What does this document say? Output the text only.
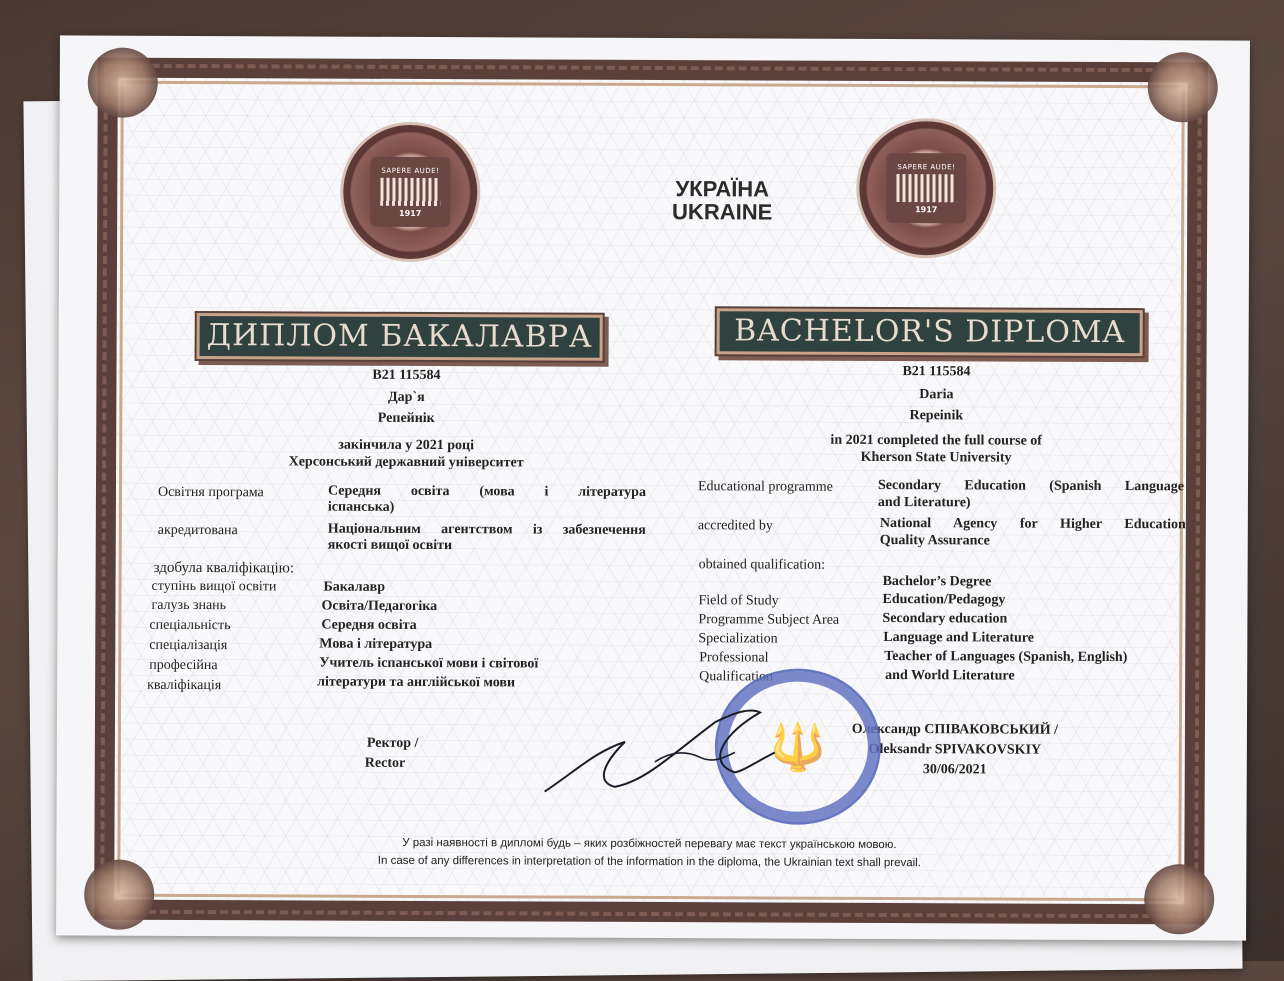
SAPERE AUDE!
1917
SAPERE AUDE!
1917
УКРАЇНА
UKRAINE
ДИПЛОМ БАКАЛАВРА	BACHELOR'S DIPLOMA
B21 115584
Дар`я
Репейнік
закінчила у 2021 році
Херсонський державний університет
Освітня програма	Середня освіта (мова і література
іспанська)
акредитована	Національним агентством із забезпечення
якості вищої освіти
здобула кваліфікацію:
ступінь вищої освіти	Бакалавр
галузь знань	Освіта/Педагогіка
спеціальність	Середня освіта
спеціалізація	Мова і література
професійна	Учитель іспанської мови і світової
кваліфікація	літератури та англійської мови
Ректор /
Rector
B21 115584
Daria
Repeinik
in 2021 completed the full course of
Kherson State University
Educational programme	Secondary Education (Spanish Language
and Literature)
accredited by	National Agency for Higher Education
Quality Assurance
obtained qualification:
Bachelor’s Degree
Field of Study	Education/Pedagogy
Programme Subject Area	Secondary education
Specialization	Language and Literature
Professional	Teacher of Languages (Spanish, English)
Qualification	and World Literature
Олександр СПІВАКОВСЬКИЙ /
Oleksandr SPIVAKOVSKIY
30/06/2021
🔱
У разі наявності в дипломі будь – яких розбіжностей перевагу має текст українською мовою.
In case of any differences in interpretation of the information in the diploma, the Ukrainian text shall prevail.
